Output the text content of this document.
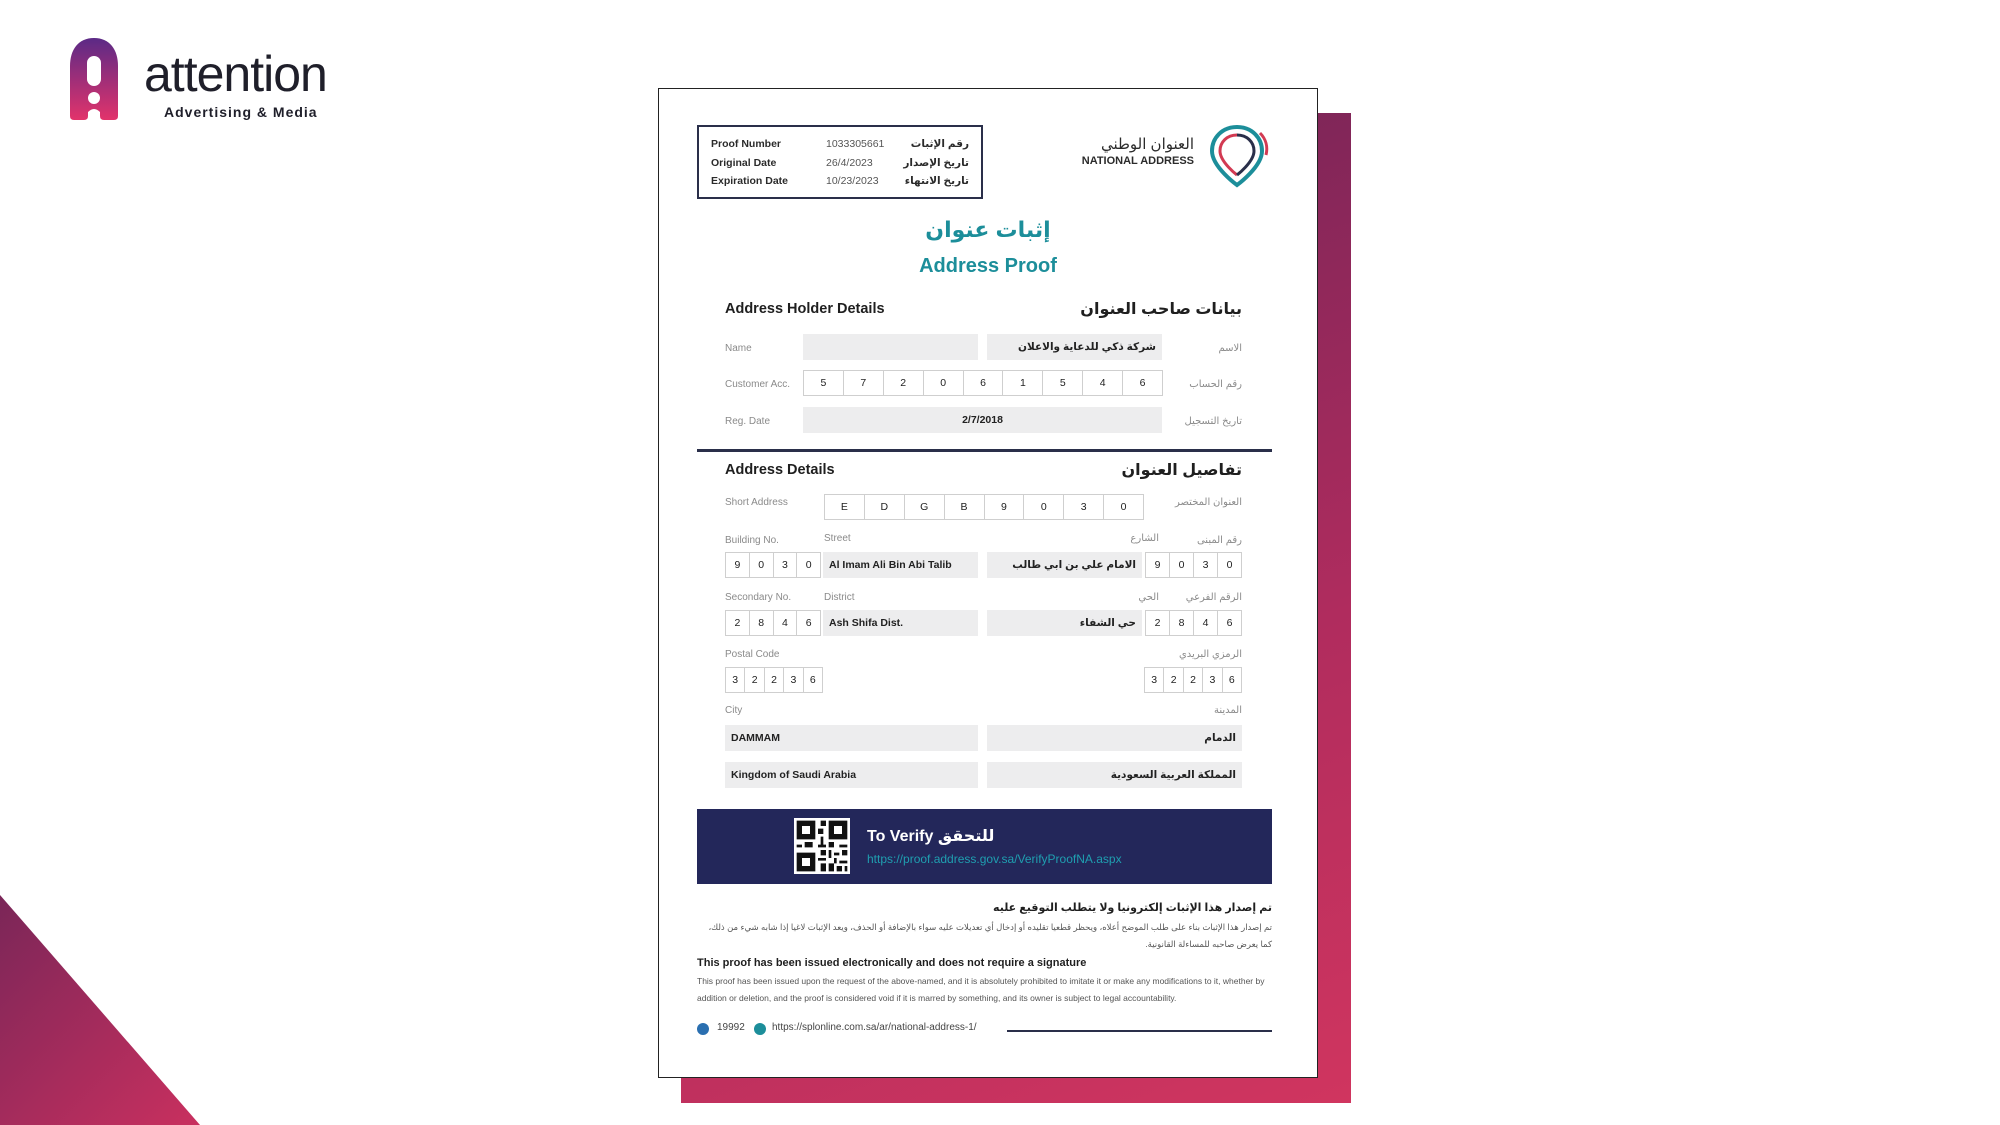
attention
Advertising & Media
Proof Number	1033305661	رقم الإثبات
Original Date	26/4/2023	تاريخ الإصدار
Expiration Date	10/23/2023 تاريخ الانتهاء
العنوان الوطني
NATIONAL ADDRESS
إثبات عنوان
Address Proof
Address Holder Details	بيانات صاحب العنوان
Name	شركة ذكي للدعاية والاعلان	الاسم
Customer Acc.	5	7	2	0	6	1	5	4	6	رقم الحساب
Reg. Date	2/7/2018	تاريخ التسجيل
Address Details	تفاصيل العنوان
Short Address	E	D	G	B	9	0	3	0	العنوان المختصر
Building No.	Street	الشارع	رقم المبنى
9	0	3	0	Al Imam Ali Bin Abi Talib	الامام علي بن ابي طالب	9	0	3	0
Secondary No.	District	الحي	الرقم الفرعي
2	8	4	6	Ash Shifa Dist.	حي الشفاء	2	8	4	6
Postal Code	الرمزي البريدي
3	2	2	3	6	3	2	2	3	6
City	المدينة
DAMMAM	الدمام
Kingdom of Saudi Arabia	المملكة العربية السعودية
To Verify للتحقق
https://proof.address.gov.sa/VerifyProofNA.aspx
تم إصدار هذا الإثبات إلكترونيا ولا يتطلب التوقيع عليه
تم إصدار هذا الإثبات بناء على طلب الموضح أعلاه، ويحظر قطعيا تقليده أو إدخال أي تعديلات عليه سواء بالإضافة أو الحذف، ويعد الإثبات لاغيا إذا شابه شيء من ذلك، كما يعرض صاحبه للمساءلة القانونية.
This proof has been issued electronically and does not require a signature
This proof has been issued upon the request of the above-named, and it is absolutely prohibited to imitate it or make any modifications to it, whether by addition or deletion, and the proof is considered void if it is marred by something, and its owner is subject to legal accountability.
19992	https://splonline.com.sa/ar/national-address-1/
